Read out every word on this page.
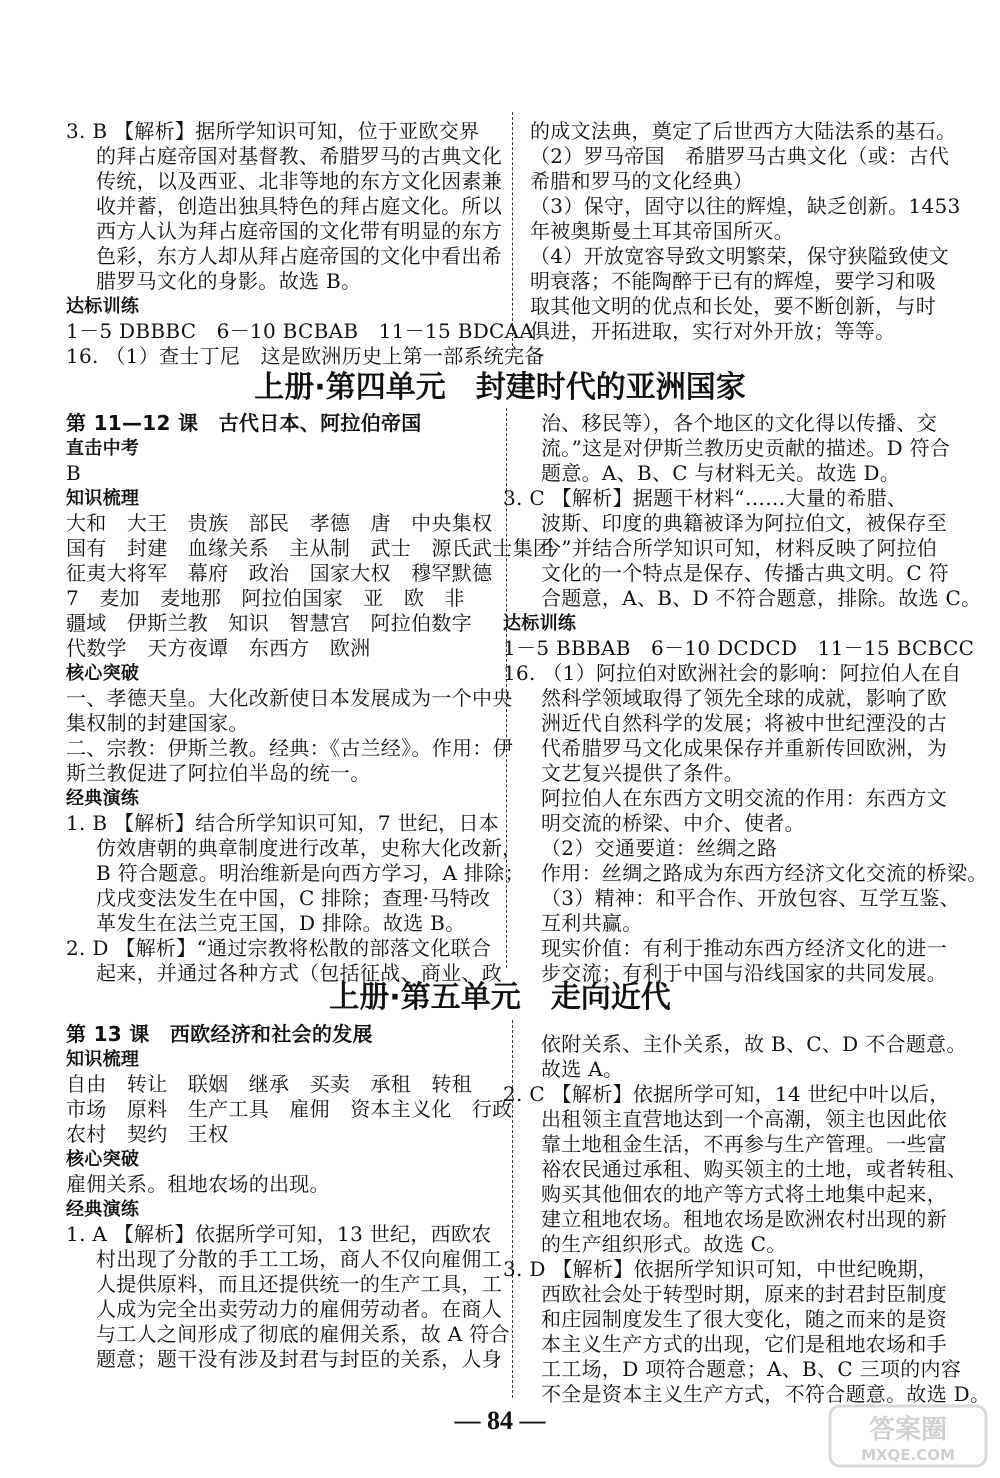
3. B 【解析】据所学知识可知，位于亚欧交界

的拜占庭帝国对基督教、希腊罗马的古典文化

传统，以及西亚、北非等地的东方文化因素兼

收并蓄，创造出独具特色的拜占庭文化。所以

西方人认为拜占庭帝国的文化带有明显的东方

色彩，东方人却从拜占庭帝国的文化中看出希

腊罗马文化的身影。故选 B。

达标训练

1－5 DBBBC　6－10 BCBAB　11－15 BDCAA

16. （1）查士丁尼　这是欧洲历史上第一部系统完备

的成文法典，奠定了后世西方大陆法系的基石。

（2）罗马帝国　希腊罗马古典文化（或：古代

希腊和罗马的文化经典）

（3）保守，固守以往的辉煌，缺乏创新。1453

年被奥斯曼土耳其帝国所灭。

（4）开放宽容导致文明繁荣，保守狭隘致使文

明衰落；不能陶醉于已有的辉煌，要学习和吸

取其他文明的优点和长处，要不断创新，与时

俱进，开拓进取，实行对外开放；等等。

上册·第四单元　封建时代的亚洲国家

第 11—12 课　古代日本、阿拉伯帝国

直击中考

B

知识梳理

大和　大王　贵族　部民　孝德　唐　中央集权

国有　封建　血缘关系　主从制　武士　源氏武士集团

征夷大将军　幕府　政治　国家大权　穆罕默德

7　麦加　麦地那　阿拉伯国家　亚　欧　非

疆域　伊斯兰教　知识　智慧宫　阿拉伯数字

代数学　天方夜谭　东西方　欧洲

核心突破

一、孝德天皇。大化改新使日本发展成为一个中央

集权制的封建国家。

二、宗教：伊斯兰教。经典：《古兰经》。作用：伊

斯兰教促进了阿拉伯半岛的统一。

经典演练

1. B 【解析】结合所学知识可知，7 世纪，日本

仿效唐朝的典章制度进行改革，史称大化改新，

B 符合题意。明治维新是向西方学习，A 排除；

戊戌变法发生在中国，C 排除；查理·马特改

革发生在法兰克王国，D 排除。故选 B。

2. D 【解析】“通过宗教将松散的部落文化联合

起来，并通过各种方式（包括征战、商业、政

治、移民等），各个地区的文化得以传播、交

流。”这是对伊斯兰教历史贡献的描述。D 符合

题意。A、B、C 与材料无关。故选 D。

3. C 【解析】据题干材料“……大量的希腊、

波斯、印度的典籍被译为阿拉伯文，被保存至

今”并结合所学知识可知，材料反映了阿拉伯

文化的一个特点是保存、传播古典文明。C 符

合题意，A、B、D 不符合题意，排除。故选 C。

达标训练

1－5 BBBAB　6－10 DCDCD　11－15 BCBCC

16. （1）阿拉伯对欧洲社会的影响：阿拉伯人在自

然科学领域取得了领先全球的成就，影响了欧

洲近代自然科学的发展；将被中世纪湮没的古

代希腊罗马文化成果保存并重新传回欧洲，为

文艺复兴提供了条件。

阿拉伯人在东西方文明交流的作用：东西方文

明交流的桥梁、中介、使者。

（2）交通要道：丝绸之路

作用：丝绸之路成为东西方经济文化交流的桥梁。

（3）精神：和平合作、开放包容、互学互鉴、

互利共赢。

现实价值：有利于推动东西方经济文化的进一

步交流；有利于中国与沿线国家的共同发展。

上册·第五单元　走向近代

第 13 课　西欧经济和社会的发展

知识梳理

自由　转让　联姻　继承　买卖　承租　转租

市场　原料　生产工具　雇佣　资本主义化　行政

农村　契约　王权

核心突破

雇佣关系。租地农场的出现。

经典演练

1. A 【解析】依据所学可知，13 世纪，西欧农

村出现了分散的手工工场，商人不仅向雇佣工

人提供原料，而且还提供统一的生产工具，工

人成为完全出卖劳动力的雇佣劳动者。在商人

与工人之间形成了彻底的雇佣关系，故 A 符合

题意；题干没有涉及封君与封臣的关系，人身

依附关系、主仆关系，故 B、C、D 不合题意。

故选 A。

2. C 【解析】依据所学可知，14 世纪中叶以后，

出租领主直营地达到一个高潮，领主也因此依

靠土地租金生活，不再参与生产管理。一些富

裕农民通过承租、购买领主的土地，或者转租、

购买其他佃农的地产等方式将土地集中起来，

建立租地农场。租地农场是欧洲农村出现的新

的生产组织形式。故选 C。

3. D 【解析】依据所学知识可知，中世纪晚期，

西欧社会处于转型时期，原来的封君封臣制度

和庄园制度发生了很大变化，随之而来的是资

本主义生产方式的出现，它们是租地农场和手

工工场，D 项符合题意；A、B、C 三项的内容

不全是资本主义生产方式，不符合题意。故选 D。

— 84 —	答案圈
MXQE.COM
